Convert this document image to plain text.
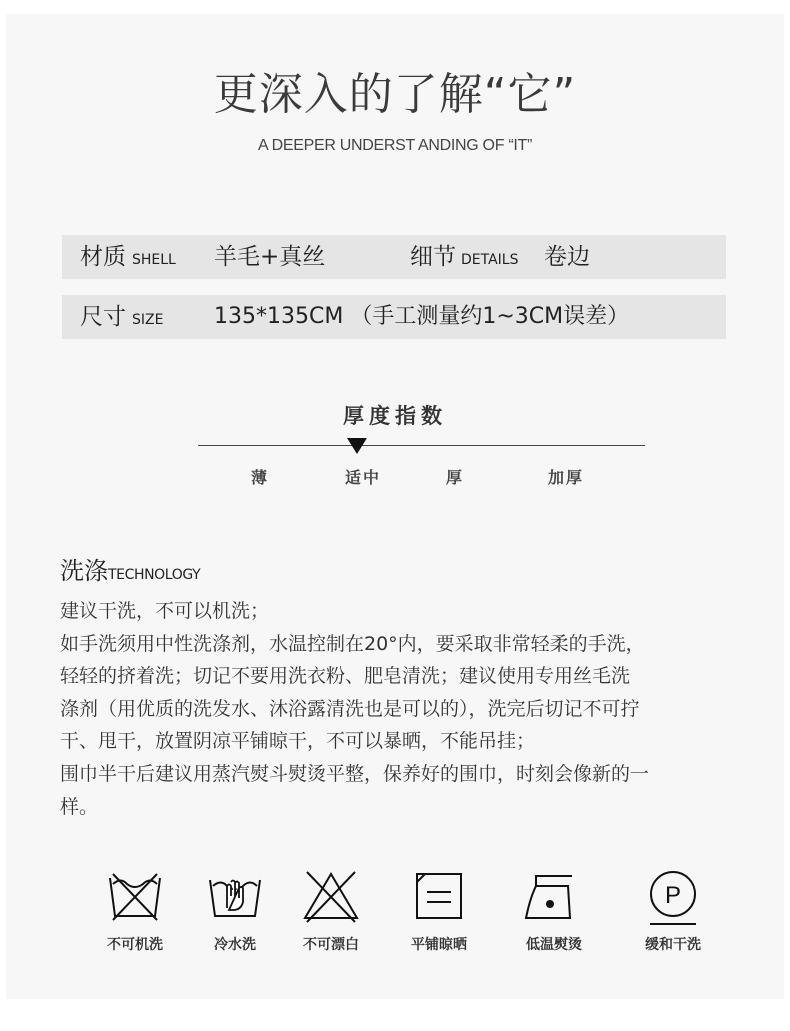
更深入的了解“它”
A DEEPER UNDERST ANDING OF “IT”
材质 SHELL 羊毛+真丝	细节 DETAILS 卷边
尺寸 SIZE 135*135CM （手工测量约1~3CM误差）
厚度指数
薄	适中	厚	加厚
洗涤TECHNOLOGY
建议干洗，不可以机洗；
如手洗须用中性洗涤剂，水温控制在20°内，要采取非常轻柔的手洗，
轻轻的挤着洗；切记不要用洗衣粉、肥皂清洗；建议使用专用丝毛洗
涤剂（用优质的洗发水、沐浴露清洗也是可以的），洗完后切记不可拧
干、甩干，放置阴凉平铺晾干，不可以暴晒，不能吊挂；
围巾半干后建议用蒸汽熨斗熨烫平整，保养好的围巾，时刻会像新的一
样。
P
不可机洗	冷水洗	不可漂白	平铺晾晒	低温熨烫	缓和干洗
